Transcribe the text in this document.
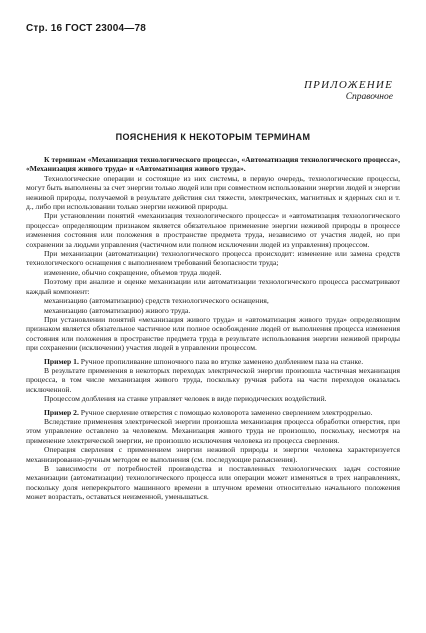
Стр. 16 ГОСТ 23004—78
ПРИЛОЖЕНИЕ
Справочное
ПОЯСНЕНИЯ К НЕКОТОРЫМ ТЕРМИНАМ

К терминам «Механизация технологического процесса», «Автоматизация технологического процесса», «Механизация живого труда» и «Автоматизация живого труда».

Технологические операции и состоящие из них системы, в первую очередь, технологические процессы, могут быть выполнены за счет энергии только людей или при совместном использовании энергии людей и энергии неживой природы, получаемой в результате действия сил тяжести, электрических, магнитных и ядерных сил и т. д., либо при использовании только энергии неживой природы.

При установлении понятий «механизация технологического процесса» и «автоматизация технологического процесса» определяющим признаком является обязательное применение энергии неживой природы в процессе изменения состояния или положения в пространстве предмета труда, независимо от участия людей, но при сохранении за людьми управления (частичном или полном исключении людей из управления) процессом.

При механизации (автоматизации) технологического процесса происходит: изменение или замена средств технологического оснащения с выполнением требований безопасности труда;

изменение, обычно сокращение, объемов труда людей.

Поэтому при анализе и оценке механизации или автоматизации технологического процесса рассматривают каждый компонент:

механизацию (автоматизацию) средств технологического оснащения,

механизацию (автоматизацию) живого труда.

При установлении понятий «механизация живого труда» и «автоматизация живого труда» определяющим признаком является обязательное частичное или полное освобождение людей от выполнения процесса изменения состояния или положения в пространстве предмета труда в результате использования энергии неживой природы при сохранении (исключении) участия людей в управлении процессом.

Пример 1. Ручное пропиливание шпоночного паза во втулке заменено долблением паза на станке.

В результате применения в некоторых переходах электрической энергии произошла частичная механизация процесса, в том числе механизация живого труда, поскольку ручная работа на части переходов оказалась исключенной.

Процессом долбления на станке управляет человек в виде периодических воздействий.

Пример 2. Ручное сверление отверстия с помощью коловорота заменено сверлением электродрелью.

Вследствие применения электрической энергии произошла механизация процесса обработки отверстия, при этом управление оставлено за человеком. Механизация живого труда не произошло, поскольку, несмотря на применение электрической энергии, не произошло исключения человека из процесса сверления.

Операция сверления с применением энергии неживой природы и энергии человека характеризуется механизированно-ручным методом ее выполнения (см. последующие разъяснения).

В зависимости от потребностей производства и поставленных технологических задач состояние механизации (автоматизации) технологического процесса или операции может изменяться в трех направлениях, поскольку доля неперекрытого машинного времени в штучном времени относительно начального положения может возрастать, оставаться неизменной, уменьшаться.
